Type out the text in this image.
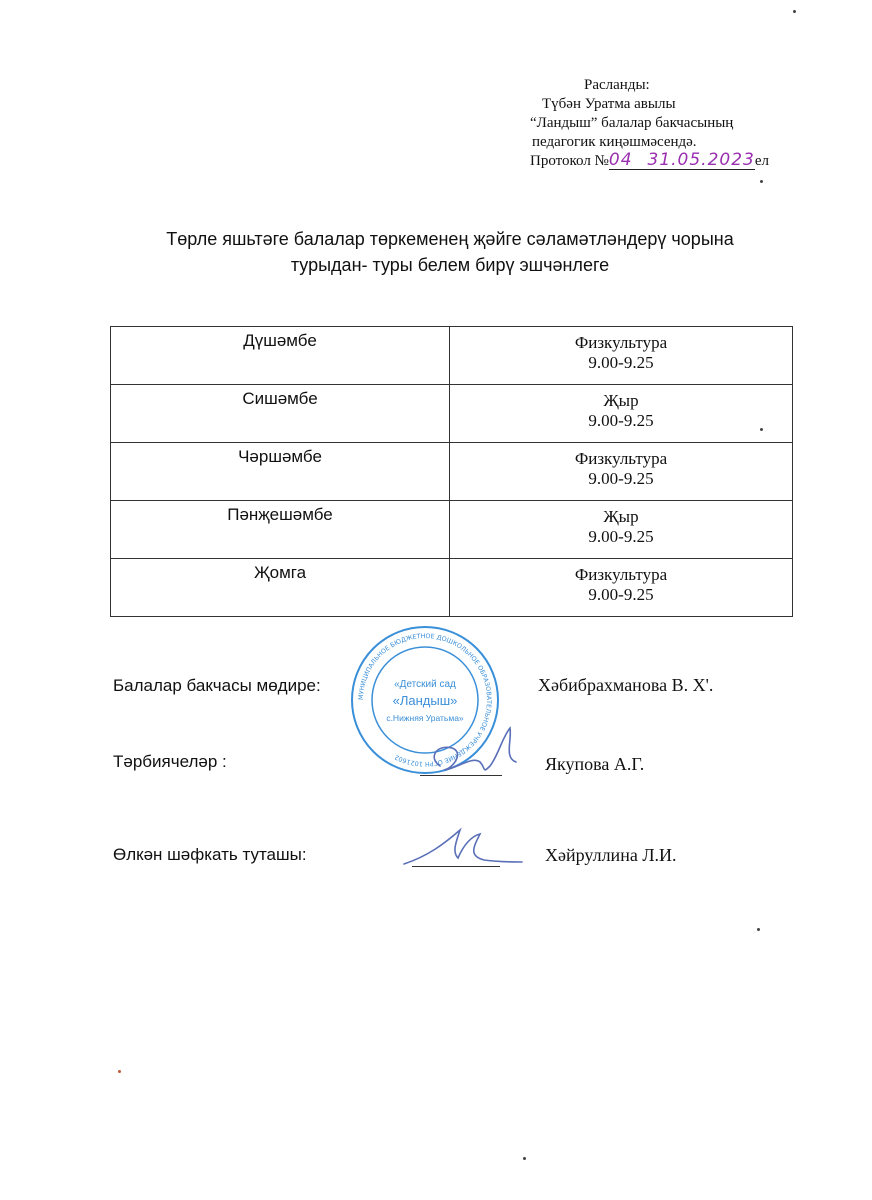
Расланды:
Түбән Уратма авылы
“Ландыш” балалар бакчасының
педагогик киңәшмәсендә.
Протокол №04 31.05.2023ел
Төрле яшьтәге балалар төркеменең җәйге сәламәтләндерү чорына
турыдан- туры белем бирү эшчәнлеге
Дүшәмбе	Физкультура
9.00-9.25

Сишәмбе	Җыр
9.00-9.25

Чәршәмбе	Физкультура
9.00-9.25

Пәнҗешәмбе	Җыр
9.00-9.25

Җомга	Физкультура
9.00-9.25
Балалар бакчасы мөдире:	Хәбибрахманова В. Х'.
Тәрбиячеләр :	Якупова А.Г.
Өлкән шәфкать туташы:	Хәйруллина Л.И.
МУНИЦИПАЛЬНОЕ БЮДЖЕТНОЕ ДОШКОЛЬНОЕ ОБРАЗОВАТЕЛЬНОЕ УЧРЕЖДЕНИЕ ОГРН 1021602
«Детский сад
«Ландыш»
с.Нижняя Уратьма»
